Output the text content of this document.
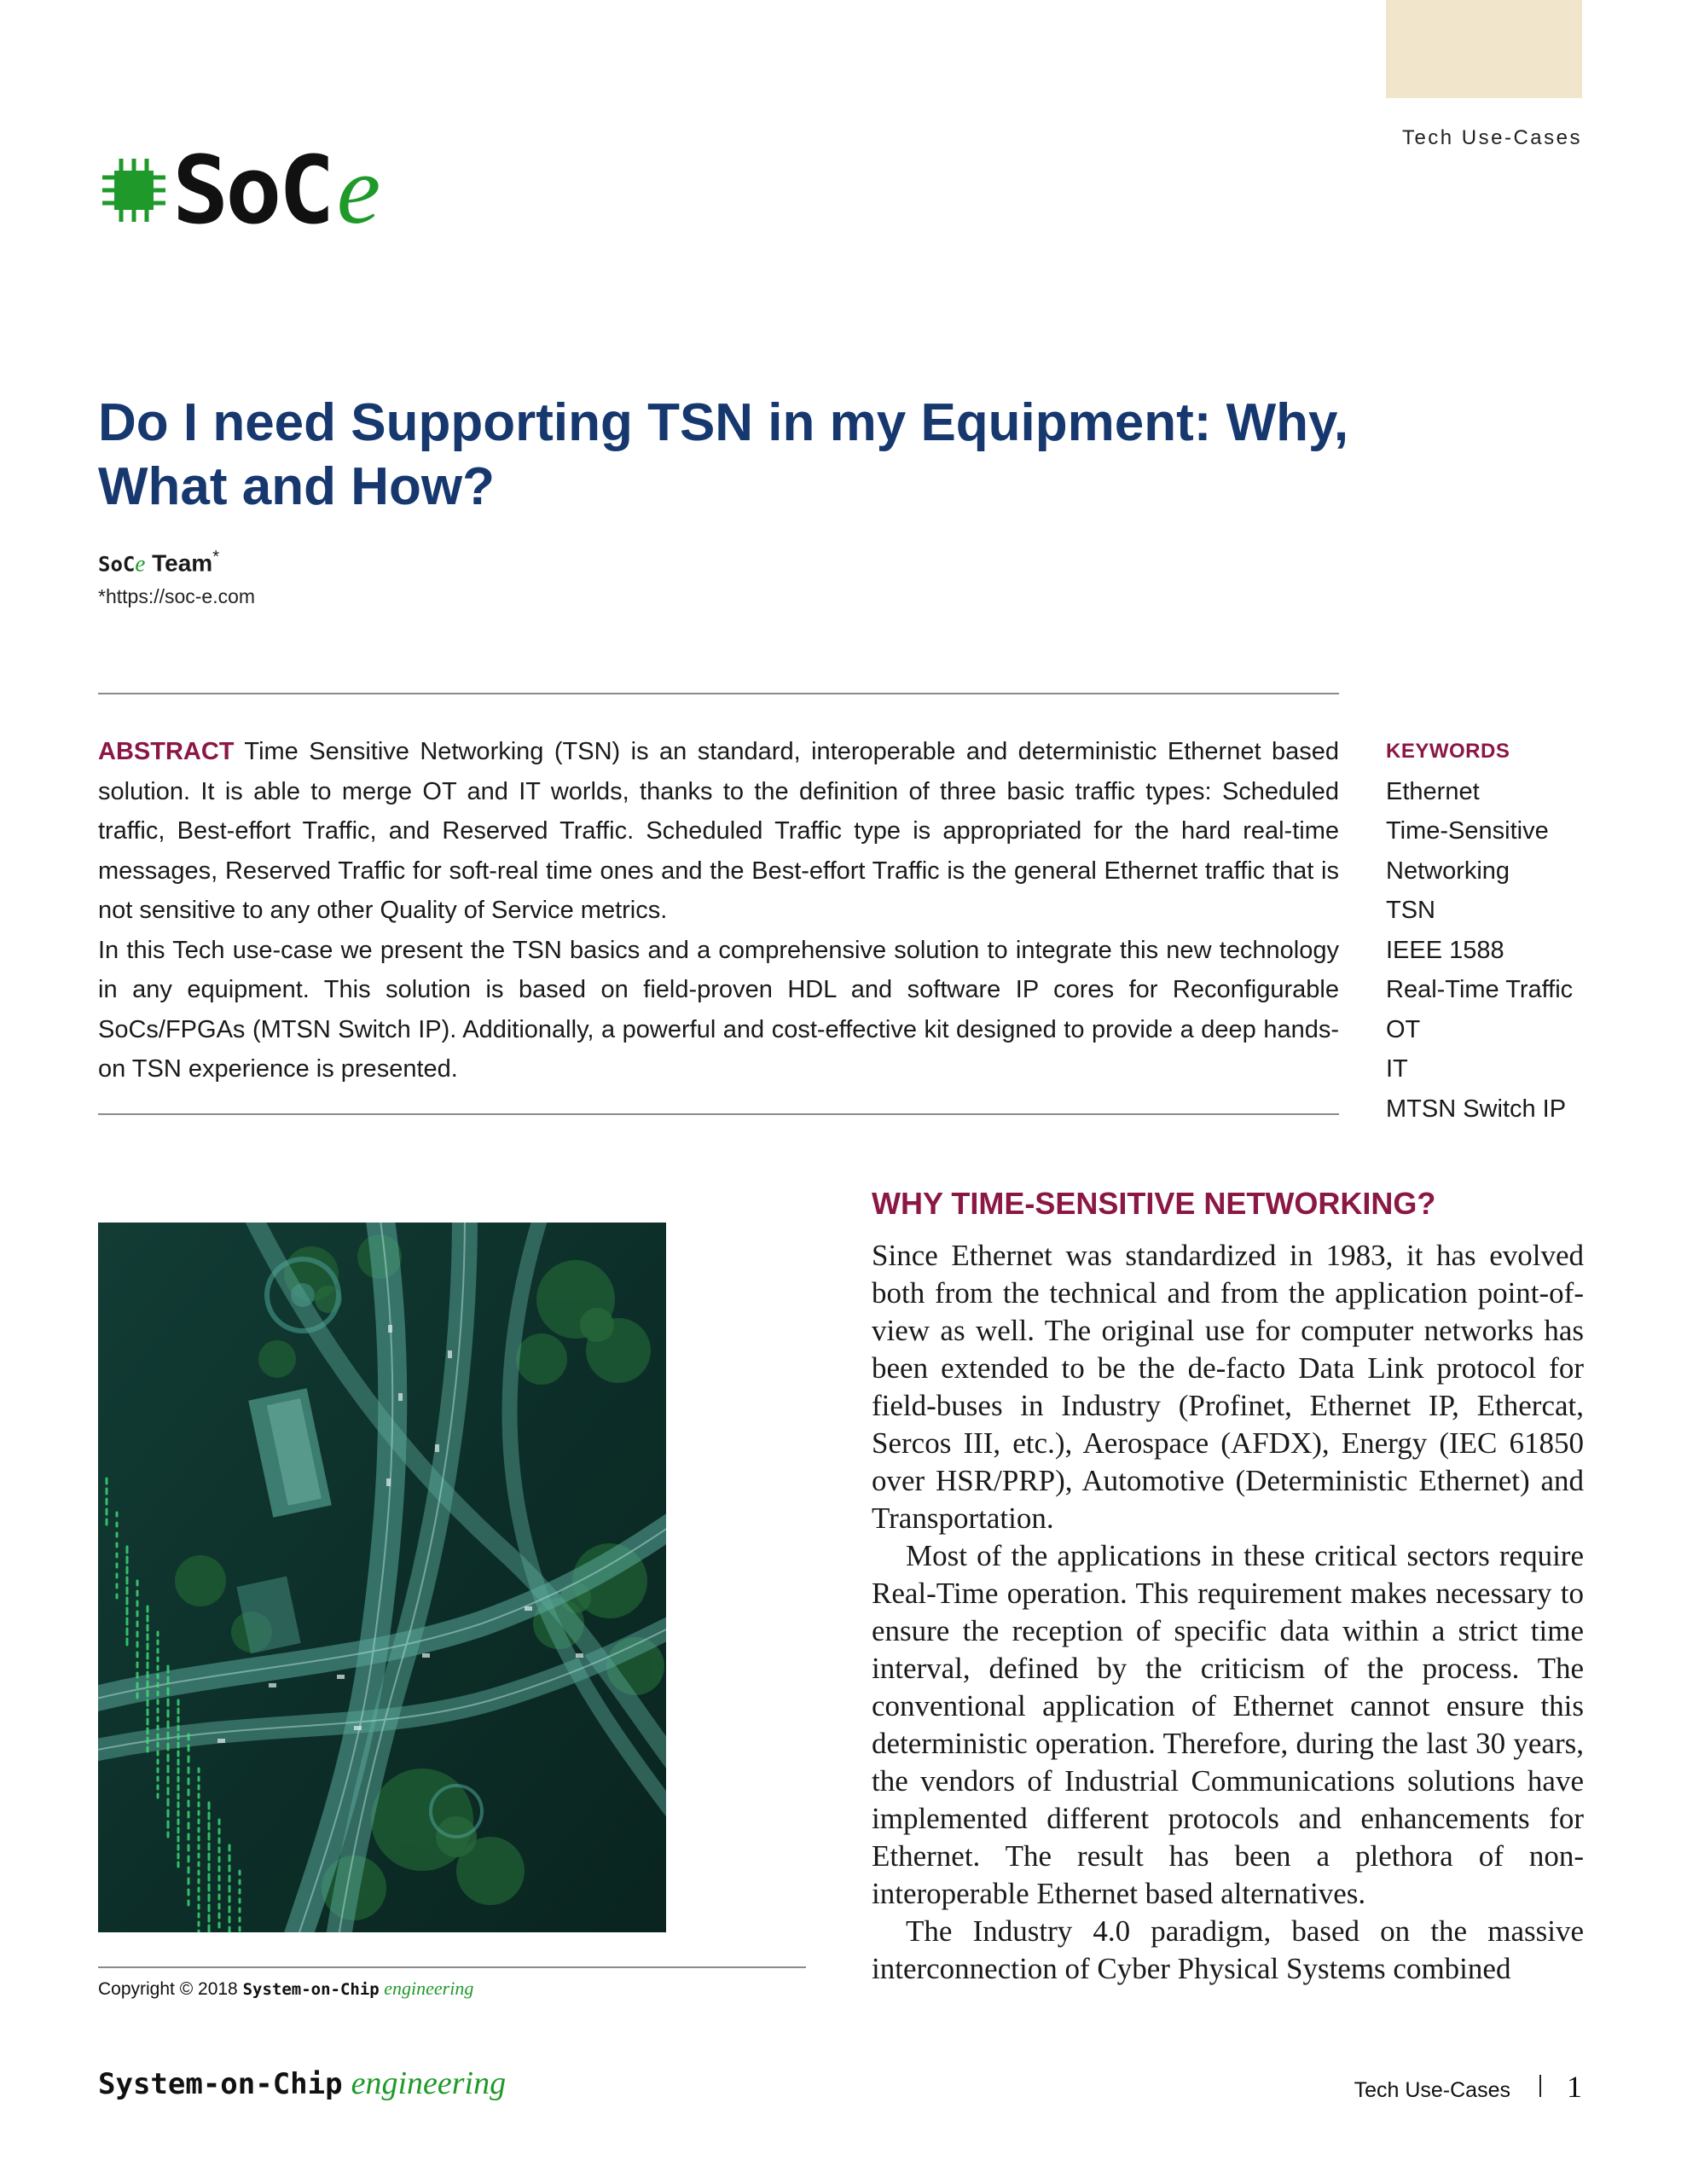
Tech Use-Cases
SoC e
Do I need Supporting TSN in my Equipment: Why, What and How?
SoCe Team*
*https://soc-e.com

ABSTRACT Time Sensitive Networking (TSN) is an standard, interoperable and deterministic Ethernet based solution. It is able to merge OT and IT worlds, thanks to the definition of three basic traffic types: Scheduled traffic, Best-effort Traffic, and Reserved Traffic. Scheduled Traffic type is appropriated for the hard real-time messages, Reserved Traffic for soft-real time ones and the Best-effort Traffic is the general Ethernet traffic that is not sensitive to any other Quality of Service metrics.

In this Tech use-case we present the TSN basics and a comprehensive solution to integrate this new technology in any equipment. This solution is based on field-proven HDL and software IP cores for Reconfigurable SoCs/FPGAs (MTSN Switch IP). Additionally, a powerful and cost-effective kit designed to provide a deep hands-on TSN experience is presented.

KEYWORDS
Ethernet
Time-Sensitive
Networking
TSN
IEEE 1588
Real-Time Traffic
OT
IT
MTSN Switch IP
WHY TIME-SENSITIVE NETWORKING?
Copyright © 2018 System-on-Chip engineering

Since Ethernet was standardized in 1983, it has evolved both from the technical and from the application point-of-view as well. The original use for computer networks has been extended to be the de-facto Data Link protocol for field-buses in Industry (Profinet, Ethernet IP, Ethercat, Sercos III, etc.), Aerospace (AFDX), Energy (IEC 61850 over HSR/PRP), Automotive (Deterministic Ethernet) and Transportation.

Most of the applications in these critical sectors require Real-Time operation. This requirement makes necessary to ensure the reception of specific data within a strict time interval, defined by the criticism of the process. The conventional application of Ethernet cannot ensure this deterministic operation. Therefore, during the last 30 years, the vendors of Industrial Communications solutions have implemented different protocols and enhancements for Ethernet. The result has been a plethora of non-interoperable Ethernet based alternatives.

The Industry 4.0 paradigm, based on the massive interconnection of Cyber Physical Systems combined

System-on-Chip engineering	Tech Use-Cases 1
